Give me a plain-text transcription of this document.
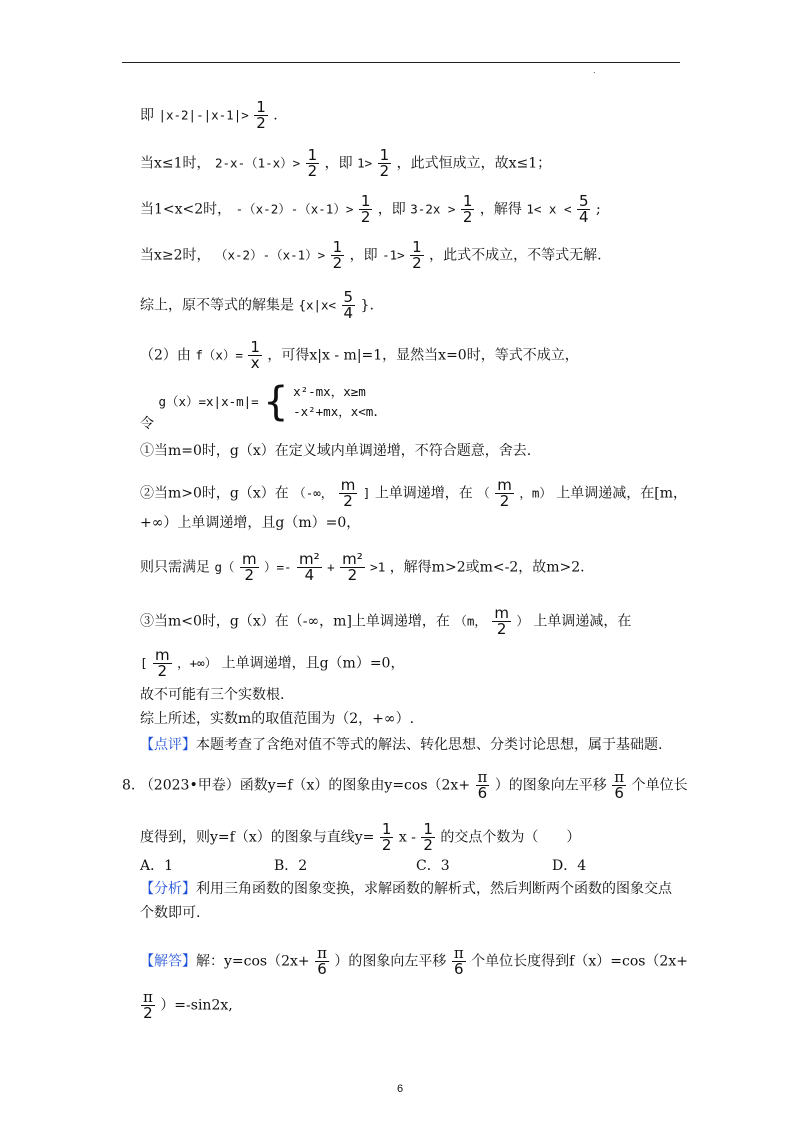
.
即 $|x-2|-|x-1|> \frac{1}{2}$ .
当x≤1时， $2-x-(1-x)> \frac{1}{2}$ ，即 $1> \frac{1}{2}$ ，此式恒成立，故x≤1；
当1<x<2时， $-(x-2)-(x-1)> \frac{1}{2}$ ，即 $3-2x > \frac{1}{2}$ ，解得 $1< x < \frac{5}{4}$ ;
当x≥2时， $(x-2)-(x-1)> \frac{1}{2}$ ，即 $-1> \frac{1}{2}$ ，此式不成立，不等式无解.
综上，原不等式的解集是 {$x|x< \frac{5}{4}$ }.
（2）由 $f(x)= \frac{1}{x}$ ，可得x|x - m|=1，显然当x=0时，等式不成立，
令 g（x）=x|x-m|= { x²-mx，x≥m
-x²+mx，x<m .
①当m=0时，g（x）在定义域内单调递增，不符合题意，舍去.
②当m>0时，g（x）在 （-∞， $\frac{m}{2}$ ] 上单调递增，在 （ $\frac{m}{2}$ ，m） 上单调递减，在[m，
+∞）上单调递增，且g（m）=0，
则只需满足 $g( \frac{m}{2}$ ）=- $\frac{\text{m²}}{4} + \frac{\text{m²}}{2} >1$ ，解得m>2或m<-2，故m>2.
③当m<0时，g（x）在（-∞，m]上单调递增，在 （m， $\frac{m}{2}$ ） 上单调递减，在
[ $\frac{m}{2}$ ，+∞） 上单调递增，且g（m）=0，
故不可能有三个实数根.
综上所述，实数m的取值范围为（2，+∞）.
【点评】本题考查了含绝对值不等式的解法、转化思想、分类讨论思想，属于基础题.
8. （2023•甲卷）函数y=f（x）的图象由$y=\cos(2x+ \frac{\pi}{6}$ ）的图象向左平移 $\frac{\pi}{6}$ 个单位长
度得到，则y=f（x）的图象与直线$y= \frac{1}{2}$ x - $\frac{1}{2}$ 的交点个数为（　　）
A．1	B．2	C．3	D．4
【分析】利用三角函数的图象变换，求解函数的解析式，然后判断两个函数的图象交点
个数即可.
【解答】解：$y=\cos(2x+ \frac{\pi}{6}$ ）的图象向左平移 $\frac{\pi}{6}$ 个单位长度得到f（x）=cos（2x+
$\frac{\pi}{2} )=-\sin 2x$,
6
